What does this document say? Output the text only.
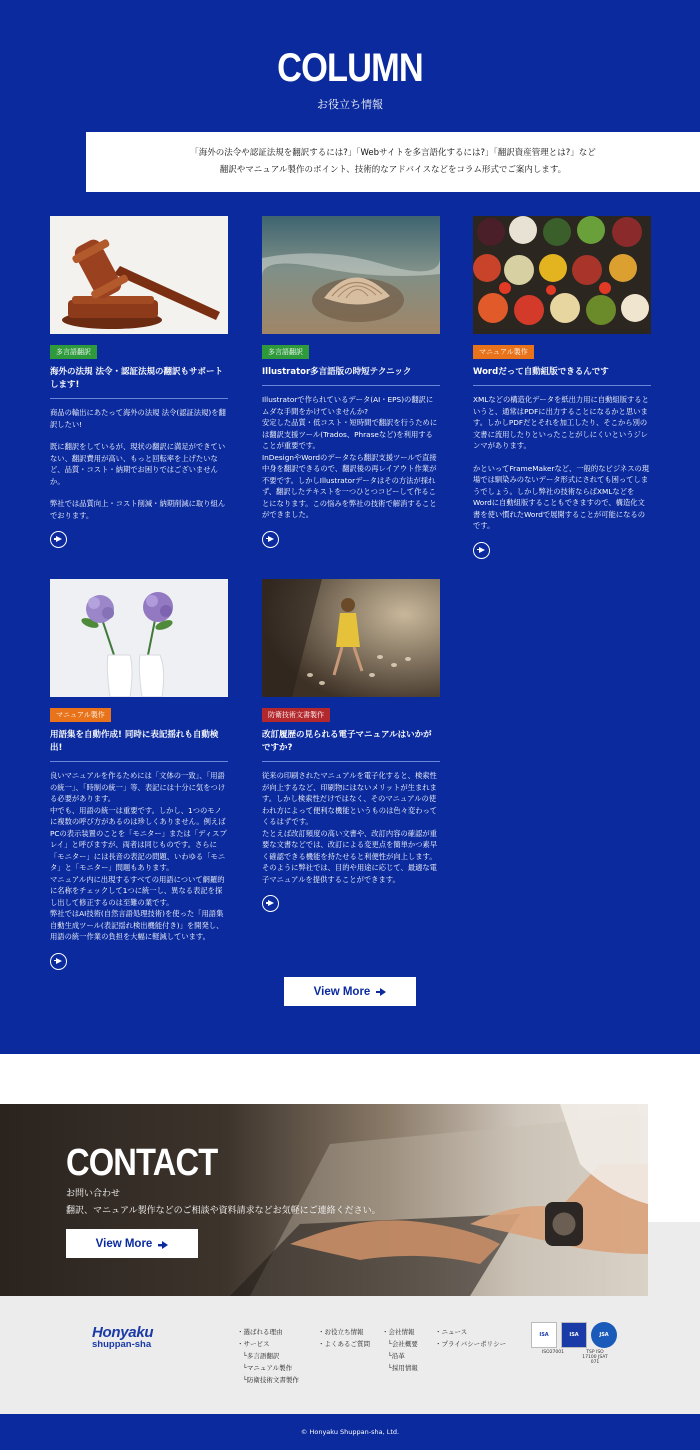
COLUMN
お役立ち情報

「海外の法令や認証法規を翻訳するには?」「Webサイトを多言語化するには?」「翻訳資産管理とは?」など

翻訳やマニュアル製作のポイント、技術的なアドバイスなどをコラム形式でご案内します。

多言語翻訳
海外の法規 法令・認証法規の翻訳もサポートします!

商品の輸出にあたって海外の法規 法令(認証法規)を翻訳したい!

既に翻訳をしているが、現状の翻訳に満足ができていない、翻訳費用が高い、もっと回転率を上げたいなど、品質・コスト・納期でお困りではございませんか。

弊社では品質向上・コスト削減・納期削減に取り組んでおります。

多言語翻訳
Illustrator多言語版の時短テクニック

Illustratorで作られているデータ(AI・EPS)の翻訳にムダな手間をかけていませんか?
安定した品質・低コスト・短時間で翻訳を行うためには翻訳支援ツール(Trados、Phraseなど)を利用することが重要です。
InDesignやWordのデータなら翻訳支援ツールで直接中身を翻訳できるので、翻訳後の再レイアウト作業が不要です。しかしIllustratorデータはその方法が採れず、翻訳したテキストを一つひとつコピーして作ることになります。この悩みを弊社の技術で解消することができました。

マニュアル製作
Wordだって自動組版できるんです

XMLなどの構造化データを紙出力用に自動組版するというと、通常はPDFに出力することになるかと思います。しかしPDFだとそれを加工したり、そこから別の文書に流用したりといったことがしにくいというジレンマがあります。

かといってFrameMakerなど、一般的なビジネスの現場では馴染みのないデータ形式にされても困ってしまうでしょう。しかし弊社の技術ならばXMLなどをWordに自動組版することもできますので、構造化文書を使い慣れたWordで展開することが可能になるのです。

マニュアル製作
用語集を自動作成! 同時に表記揺れも自動検出!

良いマニュアルを作るためには「文体の一致」、「用語の統一」、「時制の統一」等、表記には十分に気をつける必要があります。
中でも、用語の統一は重要です。しかし、1つのモノに複数の呼び方があるのは珍しくありません。例えばPCの表示装置のことを「モニター」または「ディスプレイ」と呼びますが、両者は同じものです。さらに「モニター」には長音の表記の問題、いわゆる「モニタ」と「モニター」問題もあります。
マニュアル内に出現するすべての用語について網羅的に名称をチェックして1つに統一し、異なる表記を探し出して修正するのは至難の業です。
弊社ではAI技術(自然言語処理技術)を使った「用語集自動生成ツール(表記揺れ検出機能付き)」を開発し、用語の統一作業の負担を大幅に軽減しています。

防衛技術文書製作
改訂履歴の見られる電子マニュアルはいかがですか?

従来の印刷されたマニュアルを電子化すると、検索性が向上するなど、印刷物にはないメリットが生まれます。しかし検索性だけではなく、そのマニュアルの使われ方によって便利な機能というものは色々変わってくるはずです。
たとえば改訂頻度の高い文書や、改訂内容の確認が重要な文書などでは、改訂による変更点を簡単かつ素早く確認できる機能を持たせると利便性が向上します。そのように弊社では、目的や用途に応じて、最適な電子マニュアルを提供することができます。

View More
CONTACT
お問い合わせ
翻訳、マニュアル製作などのご相談や資料請求などお気軽にご連絡ください。
View More
Honyaku
shuppan-sha
・選ばれる理由
・サービス
└多言語翻訳
└マニュアル製作
└防衛技術文書製作
・お役立ち情報
・よくあるご質問
・会社情報
└会社概要
└沿革
└採用情報
・ニュース
・プライバシーポリシー
ISA	ISA	JSA
ISO27001	TSP ISO 17100 JSAT 071
© Honyaku Shuppan-sha, Ltd.
